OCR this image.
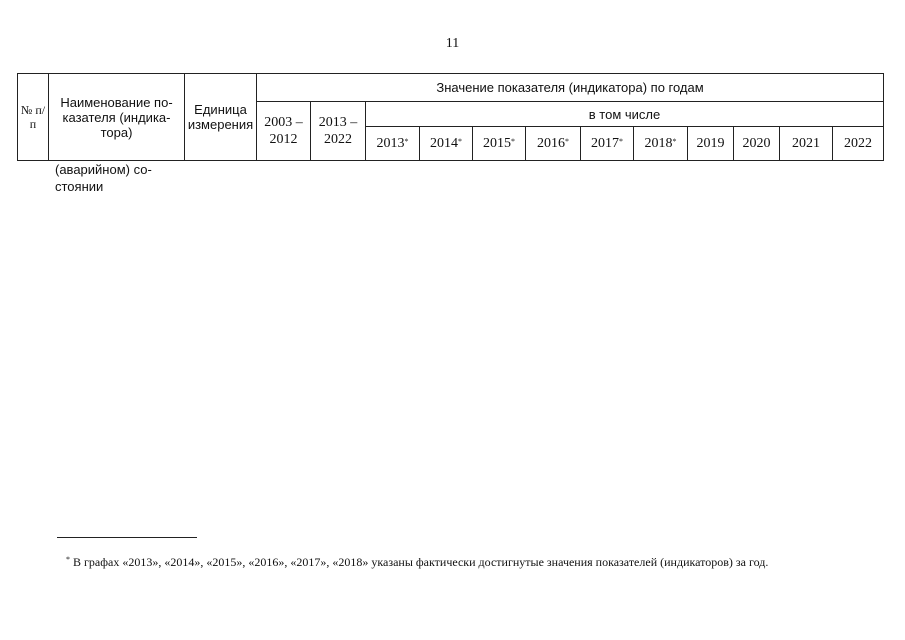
11
№ п/п	Наименование по-казателя (индика-тора)	Единица измерения	Значение показателя (индикатора) по годам											
			2003 – 2012	2013 – 2022	в том числе									
					2013*	2014*	2015*	2016*	2017*	2018*	2019	2020	2021	2022
(аварийном) со-стоянии
* В графах «2013», «2014», «2015», «2016», «2017», «2018» указаны фактически достигнутые значения показателей (индикаторов) за год.
